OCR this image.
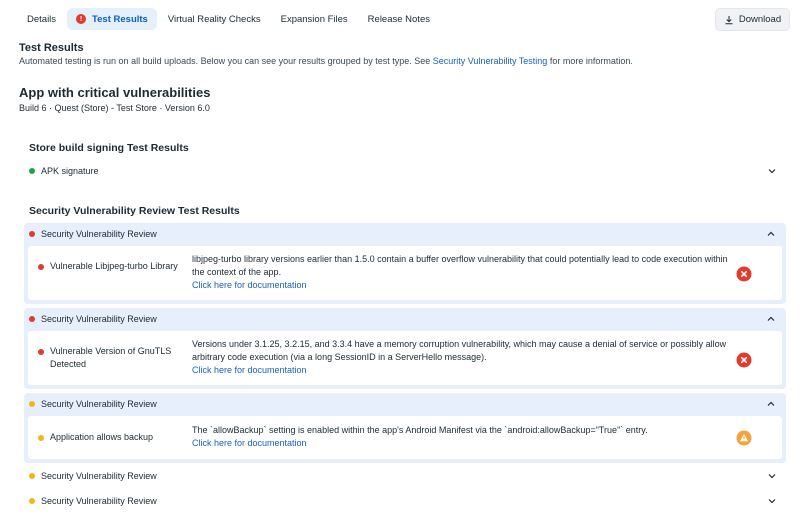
Details	!	Test Results Virtual Reality Checks Expansion Files Release Notes	Download
Test Results
Automated testing is run on all build uploads. Below you can see your results grouped by test type. See Security Vulnerability Testing for more information.
App with critical vulnerabilities
Build 6 · Quest (Store) - Test Store · Version 6.0
Store build signing Test Results
APK signature
Security Vulnerability Review Test Results
Security Vulnerability Review
Vulnerable Libjpeg-turbo Library
libjpeg-turbo library versions earlier than 1.5.0 contain a buffer overflow vulnerability that could potentially lead to code execution within the context of the app.
Click here for documentation
Security Vulnerability Review
Vulnerable Version of GnuTLS Detected
Versions under 3.1.25, 3.2.15, and 3.3.4 have a memory corruption vulnerability, which may cause a denial of service or possibly allow arbitrary code execution (via a long SessionID in a ServerHello message).
Click here for documentation
Security Vulnerability Review
Application allows backup
The `allowBackup` setting is enabled within the app's Android Manifest via the `android:allowBackup="True"` entry.
Click here for documentation
Security Vulnerability Review
Security Vulnerability Review
